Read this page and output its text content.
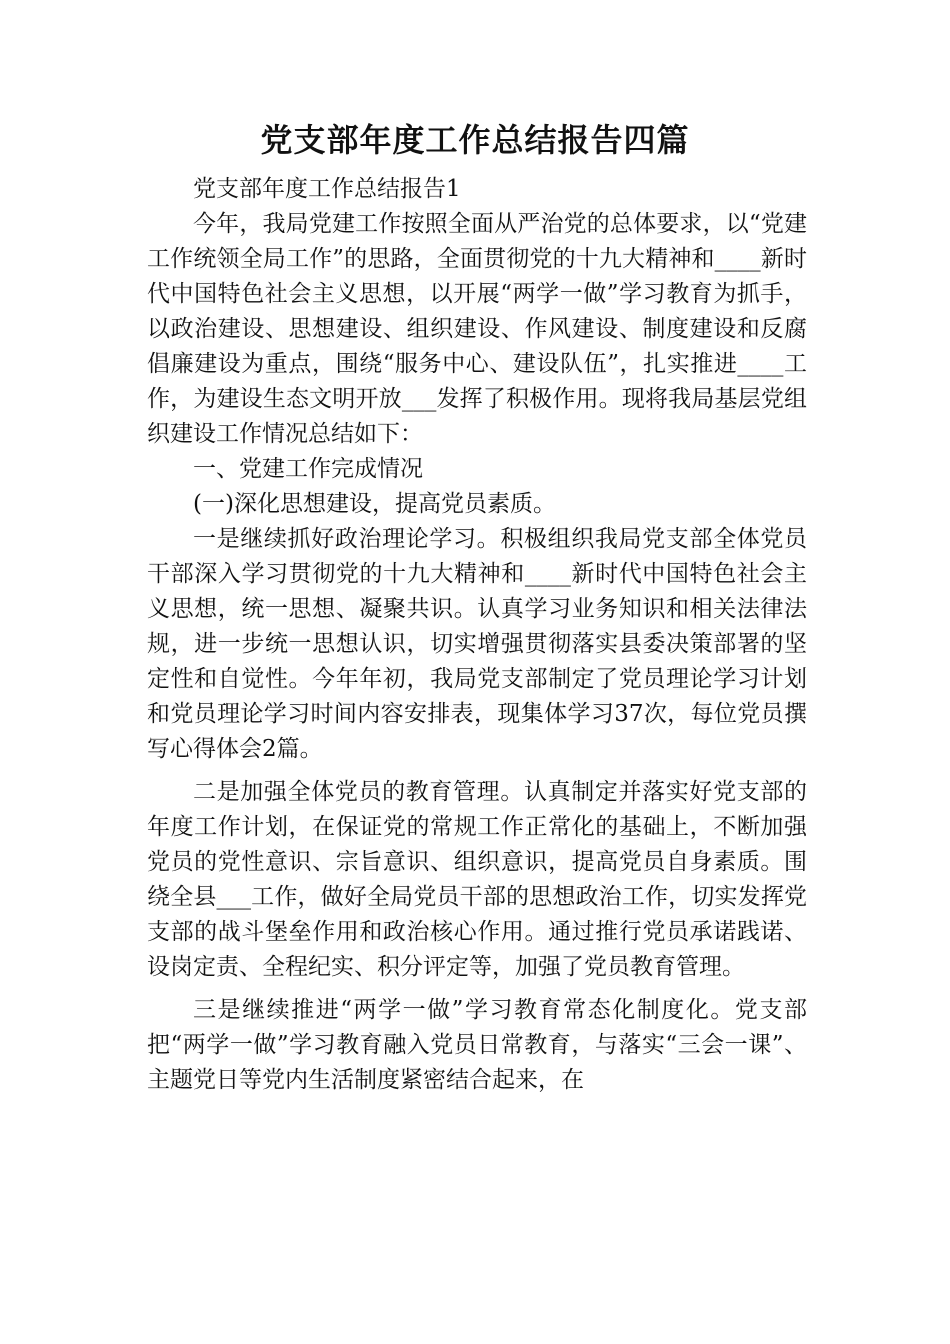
党支部年度工作总结报告四篇

党支部年度工作总结报告1

今年，我局党建工作按照全面从严治党的总体要求，以“党建工作统领全局工作”的思路，全面贯彻党的十九大精神和____新时代中国特色社会主义思想，以开展“两学一做”学习教育为抓手，以政治建设、思想建设、组织建设、作风建设、制度建设和反腐倡廉建设为重点，围绕“服务中心、建设队伍”，扎实推进____工作，为建设生态文明开放___发挥了积极作用。现将我局基层党组织建设工作情况总结如下：

一、党建工作完成情况

(一)深化思想建设，提高党员素质。

一是继续抓好政治理论学习。积极组织我局党支部全体党员干部深入学习贯彻党的十九大精神和____新时代中国特色社会主义思想，统一思想、凝聚共识。认真学习业务知识和相关法律法规，进一步统一思想认识，切实增强贯彻落实县委决策部署的坚定性和自觉性。今年年初，我局党支部制定了党员理论学习计划和党员理论学习时间内容安排表，现集体学习37次，每位党员撰写心得体会2篇。

二是加强全体党员的教育管理。认真制定并落实好党支部的年度工作计划，在保证党的常规工作正常化的基础上，不断加强党员的党性意识、宗旨意识、组织意识，提高党员自身素质。围绕全县___工作，做好全局党员干部的思想政治工作，切实发挥党支部的战斗堡垒作用和政治核心作用。通过推行党员承诺践诺、设岗定责、全程纪实、积分评定等，加强了党员教育管理。

三是继续推进“两学一做”学习教育常态化制度化。党支部把“两学一做”学习教育融入党员日常教育，与落实“三会一课”、主题党日等党内生活制度紧密结合起来，在
